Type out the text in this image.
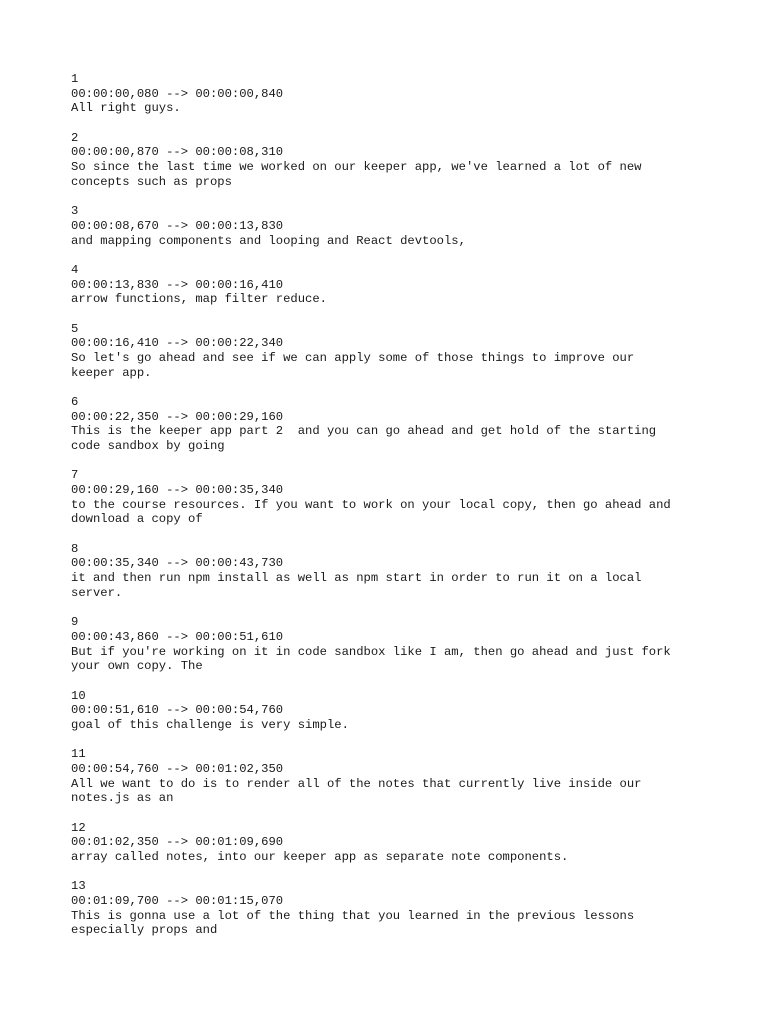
1
00:00:00,080 --> 00:00:00,840
All right guys.
2
00:00:00,870 --> 00:00:08,310
So since the last time we worked on our keeper app, we've learned a lot of new
concepts such as props
3
00:00:08,670 --> 00:00:13,830
and mapping components and looping and React devtools,
4
00:00:13,830 --> 00:00:16,410
arrow functions, map filter reduce.
5
00:00:16,410 --> 00:00:22,340
So let's go ahead and see if we can apply some of those things to improve our
keeper app.
6
00:00:22,350 --> 00:00:29,160
This is the keeper app part 2  and you can go ahead and get hold of the starting
code sandbox by going
7
00:00:29,160 --> 00:00:35,340
to the course resources. If you want to work on your local copy, then go ahead and
download a copy of
8
00:00:35,340 --> 00:00:43,730
it and then run npm install as well as npm start in order to run it on a local
server.
9
00:00:43,860 --> 00:00:51,610
But if you're working on it in code sandbox like I am, then go ahead and just fork
your own copy. The
10
00:00:51,610 --> 00:00:54,760
goal of this challenge is very simple.
11
00:00:54,760 --> 00:01:02,350
All we want to do is to render all of the notes that currently live inside our
notes.js as an
12
00:01:02,350 --> 00:01:09,690
array called notes, into our keeper app as separate note components.
13
00:01:09,700 --> 00:01:15,070
This is gonna use a lot of the thing that you learned in the previous lessons
especially props and
